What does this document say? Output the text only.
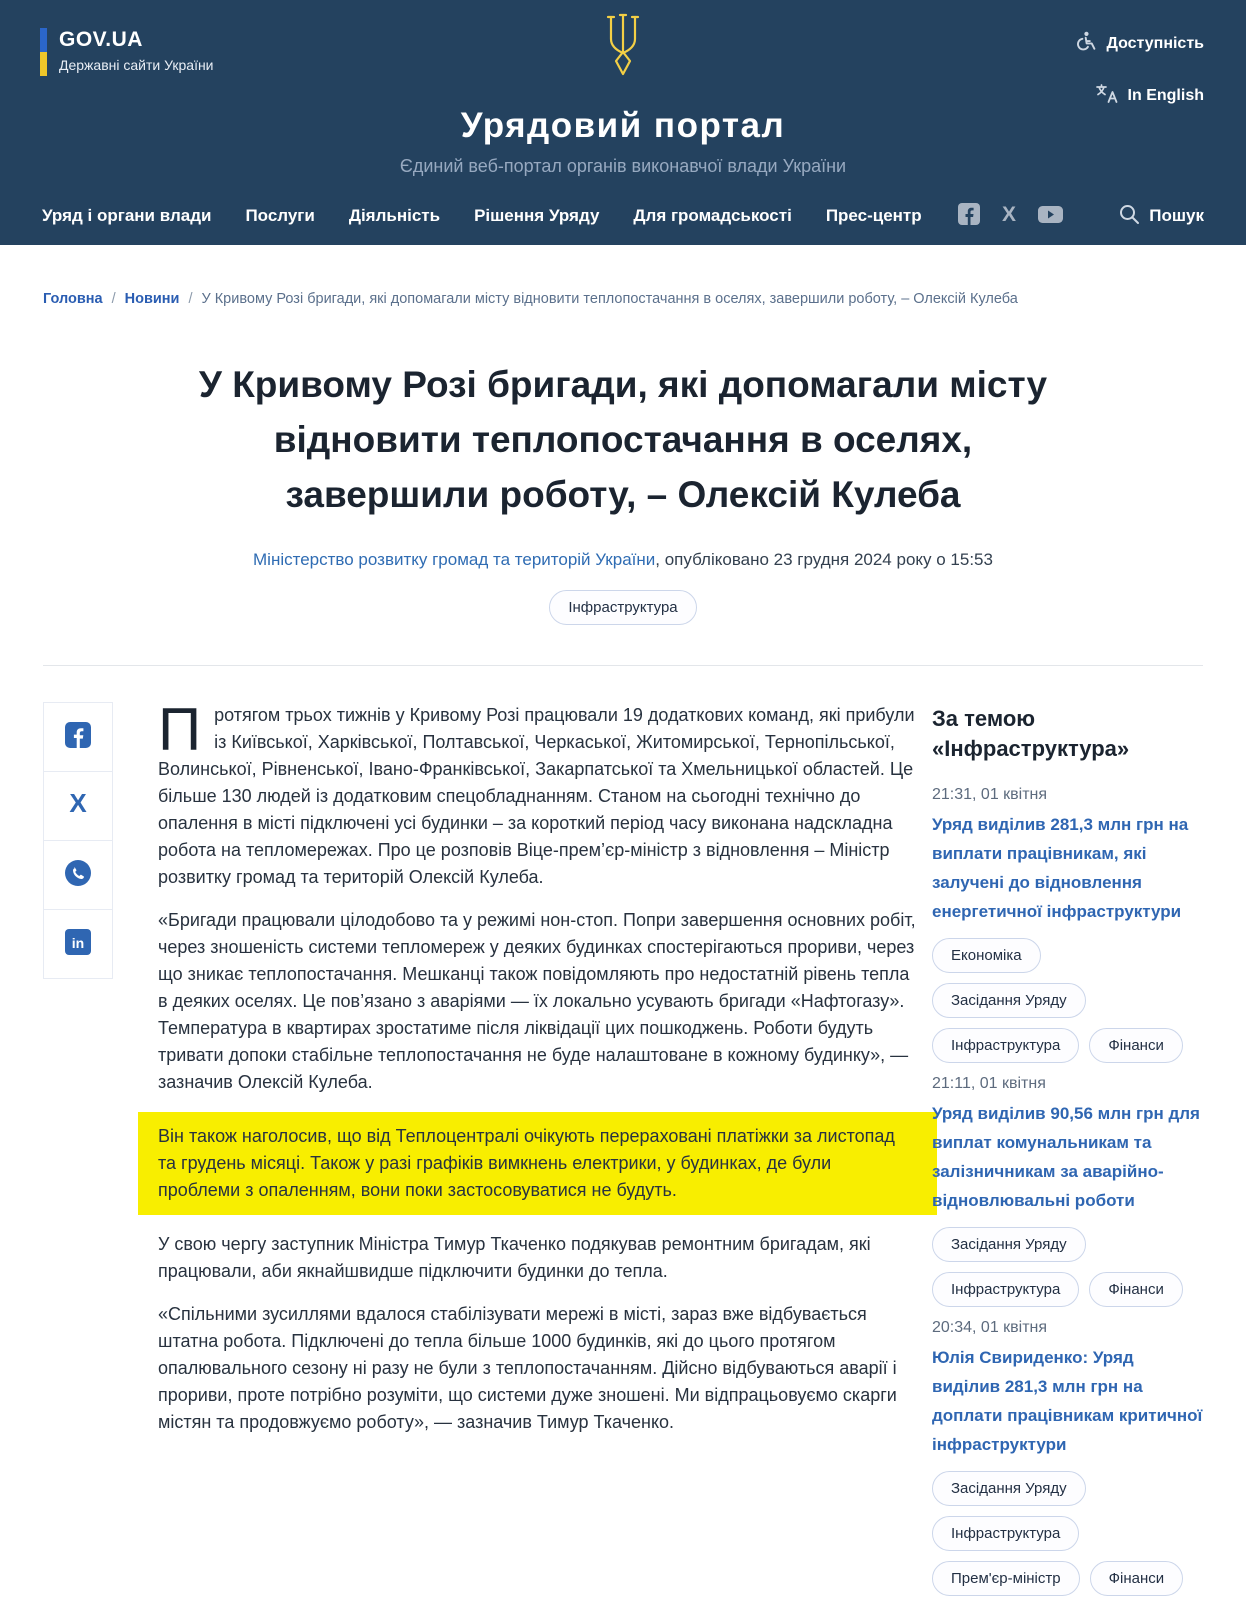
GOV.UA
Державні сайти України
Урядовий портал
Єдиний веб-портал органів виконавчої влади України
Доступність
In English
Уряд і органи влади Послуги Діяльність Рішення Уряду Для громадськості Прес-центр	X	Пошук
Головна / Новини / У Кривому Розі бригади, які допомагали місту відновити теплопостачання в оселях, завершили роботу, – Олексій Кулеба
У Кривому Розі бригади, які допомагали місту відновити теплопостачання в оселях, завершили роботу, – Олексій Кулеба
Міністерство розвитку громад та територій України, опубліковано 23 грудня 2024 року о 15:53
Інфраструктура
X
in

Протягом трьох тижнів у Кривому Розі працювали 19 додаткових команд, які прибули із Київської, Харківської, Полтавської, Черкаської, Житомирської, Тернопільської, Волинської, Рівненської, Івано-Франківської, Закарпатської та Хмельницької областей. Це більше 130 людей із додатковим спецобладнанням. Станом на сьогодні технічно до опалення в місті підключені усі будинки – за короткий період часу виконана надскладна робота на тепломережах. Про це розповів Віце-прем’єр-міністр з відновлення – Міністр розвитку громад та територій Олексій Кулеба.

«Бригади працювали цілодобово та у режимі нон-стоп. Попри завершення основних робіт, через зношеність системи тепломереж у деяких будинках спостерігаються прориви, через що зникає теплопостачання. Мешканці також повідомляють про недостатній рівень тепла в деяких оселях. Це пов’язано з аваріями — їх локально усувають бригади «Нафтогазу». Температура в квартирах зростатиме після ліквідації цих пошкоджень. Роботи будуть тривати допоки стабільне теплопостачання не буде налаштоване в кожному будинку», — зазначив Олексій Кулеба.

Він також наголосив, що від Теплоцентралі очікують перераховані платіжки за листопад та грудень місяці. Також у разі графіків вимкнень електрики, у будинках, де були проблеми з опаленням, вони поки застосовуватися не будуть.

У свою чергу заступник Міністра Тимур Ткаченко подякував ремонтним бригадам, які працювали, аби якнайшвидше підключити будинки до тепла.

«Спільними зусиллями вдалося стабілізувати мережі в місті, зараз вже відбувається штатна робота. Підключені до тепла більше 1000 будинків, які до цього протягом опалювального сезону ні разу не були з теплопостачанням. Дійсно відбуваються аварії і прориви, проте потрібно розуміти, що системи дуже зношені. Ми відпрацьовуємо скарги містян та продовжуємо роботу», — зазначив Тимур Ткаченко.

За темою «Інфраструктура»
21:31, 01 квітня
Уряд виділив 281,3 млн грн на виплати працівникам, які залучені до відновлення енергетичної інфраструктури
Економіка
Засідання Уряду
Інфраструктура	Фінанси
21:11, 01 квітня
Уряд виділив 90,56 млн грн для виплат комунальникам та залізничникам за аварійно-відновлювальні роботи
Засідання Уряду
Інфраструктура	Фінанси
20:34, 01 квітня
Юлія Свириденко: Уряд виділив 281,3 млн грн на доплати працівникам критичної інфраструктури
Засідання Уряду
Інфраструктура
Прем'єр-міністр	Фінанси
